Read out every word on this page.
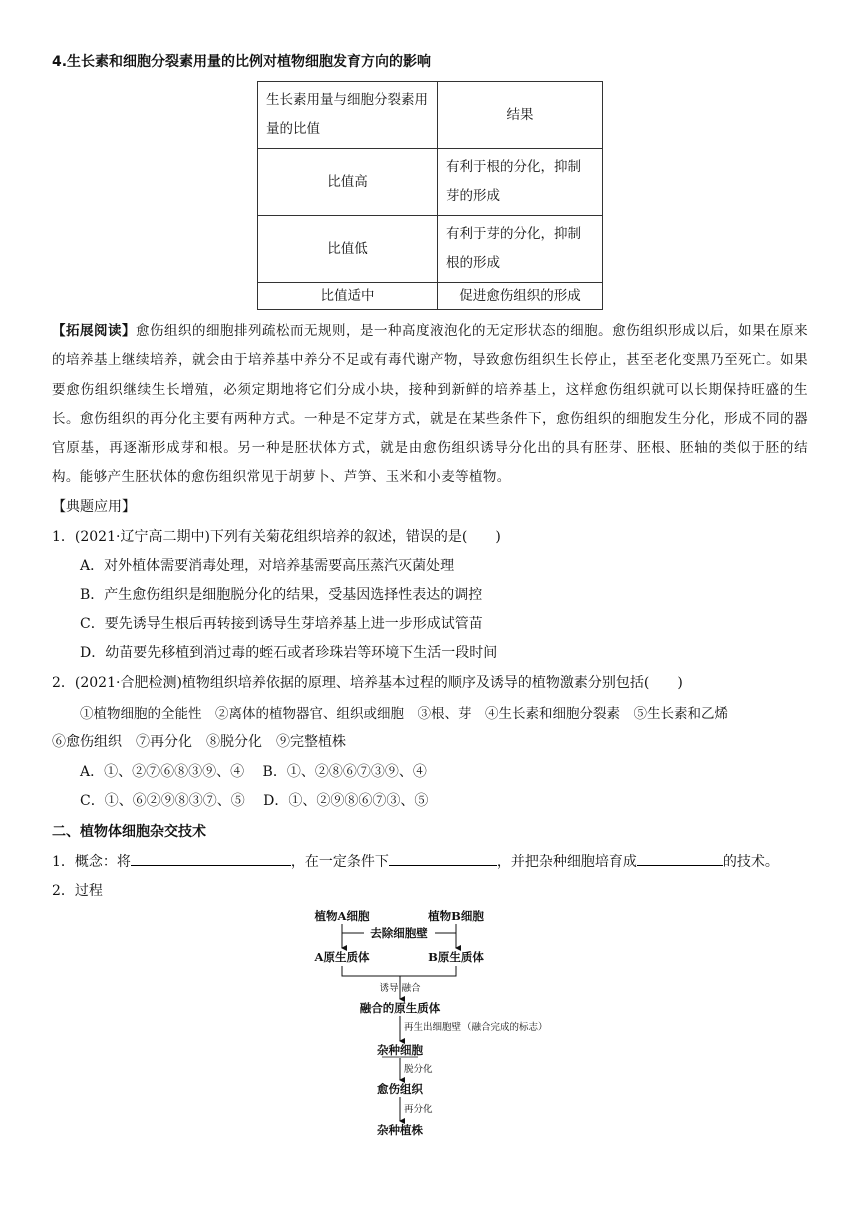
4.生长素和细胞分裂素用量的比例对植物细胞发育方向的影响
生长素用量与细胞分裂素用量的比值	结果
比值高	有利于根的分化，抑制芽的形成
比值低	有利于芽的分化，抑制根的形成
比值适中	促进愈伤组织的形成
【拓展阅读】愈伤组织的细胞排列疏松而无规则，是一种高度液泡化的无定形状态的细胞。愈伤组织形成以后，如果在原来的培养基上继续培养，就会由于培养基中养分不足或有毒代谢产物，导致愈伤组织生长停止，甚至老化变黑乃至死亡。如果要愈伤组织继续生长增殖，必须定期地将它们分成小块，接种到新鲜的培养基上，这样愈伤组织就可以长期保持旺盛的生长。愈伤组织的再分化主要有两种方式。一种是不定芽方式，就是在某些条件下，愈伤组织的细胞发生分化，形成不同的器官原基，再逐渐形成芽和根。另一种是胚状体方式，就是由愈伤组织诱导分化出的具有胚芽、胚根、胚轴的类似于胚的结构。能够产生胚状体的愈伤组织常见于胡萝卜、芦笋、玉米和小麦等植物。
【典题应用】
1．(2021·辽宁高二期中)下列有关菊花组织培养的叙述，错误的是(　　)
A．对外植体需要消毒处理，对培养基需要高压蒸汽灭菌处理
B．产生愈伤组织是细胞脱分化的结果，受基因选择性表达的调控
C．要先诱导生根后再转接到诱导生芽培养基上进一步形成试管苗
D．幼苗要先移植到消过毒的蛭石或者珍珠岩等环境下生活一段时间
2．(2021·合肥检测)植物组织培养依据的原理、培养基本过程的顺序及诱导的植物激素分别包括(　　)
①植物细胞的全能性　②离体的植物器官、组织或细胞　③根、芽　④生长素和细胞分裂素　⑤生长素和乙烯
⑥愈伤组织　⑦再分化　⑧脱分化　⑨完整植株
A．①、②⑦⑥⑧③⑨、④　 B．①、②⑧⑥⑦③⑨、④
C．①、⑥②⑨⑧③⑦、⑤　 D．①、②⑨⑧⑥⑦③、⑤
二、植物体细胞杂交技术
1．概念：将	，在一定条件下	，并把杂种细胞培育成	的技术。
2．过程
植物A细胞	植物B细胞
去除细胞壁
A原生质体	B原生质体
融合的原生质体
杂种细胞
愈伤组织
杂种植株
诱导 融合
再生出细胞壁 （融合完成的标志）
脱分化
再分化
